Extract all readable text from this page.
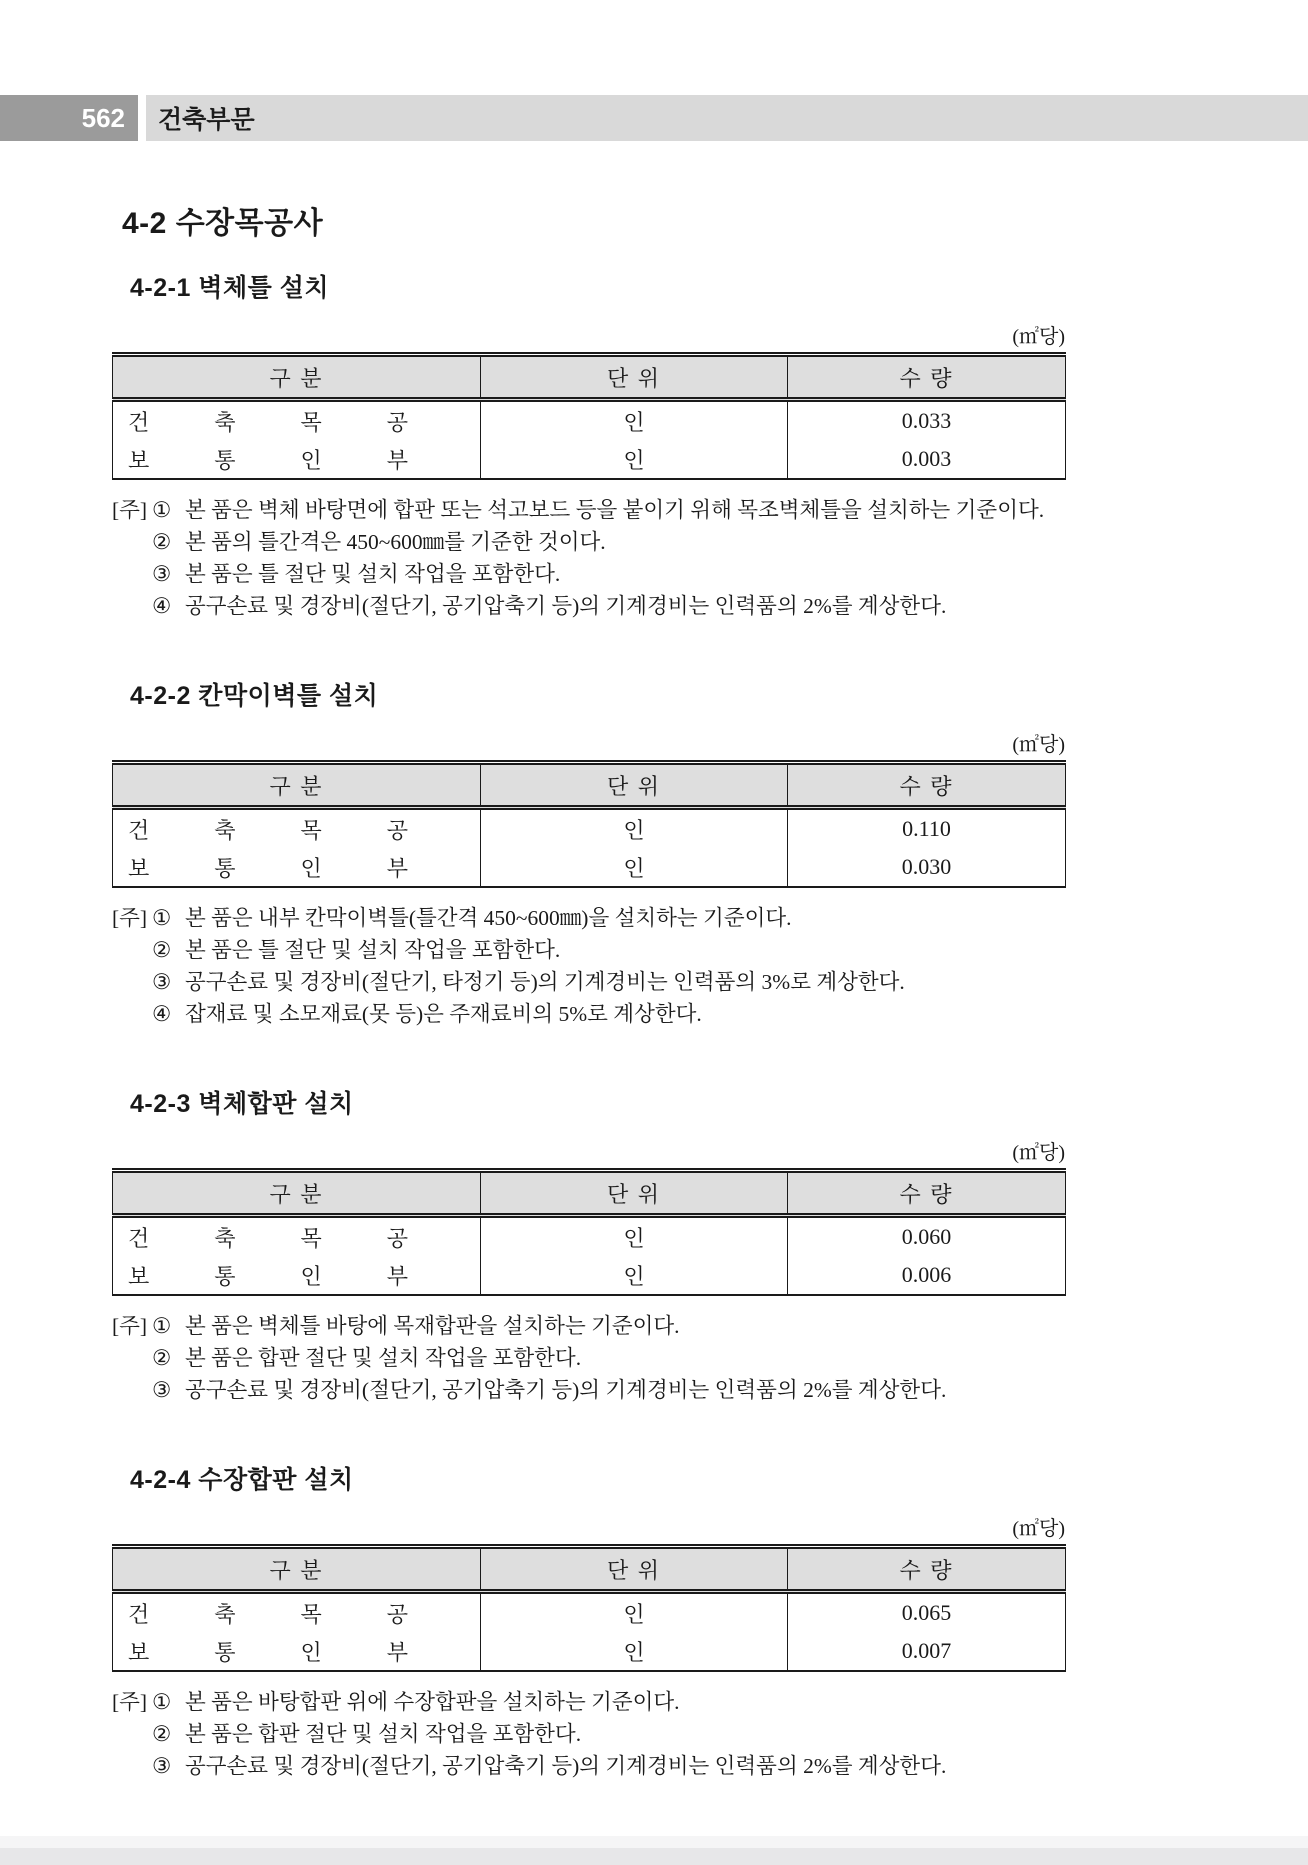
562	건축부문
4-2 수장목공사
4-2-1 벽체틀 설치
(㎡당)
구 분	단 위	수 량

건 축 목 공	인	0.033

보 통 인 부	인	0.003
[주] ① 본 품은 벽체 바탕면에 합판 또는 석고보드 등을 붙이기 위해 목조벽체틀을 설치하는 기준이다.
② 본 품의 틀간격은 450~600㎜를 기준한 것이다.
③ 본 품은 틀 절단 및 설치 작업을 포함한다.
④ 공구손료 및 경장비(절단기, 공기압축기 등)의 기계경비는 인력품의 2%를 계상한다.
4-2-2 칸막이벽틀 설치
(㎡당)
구 분	단 위	수 량

건 축 목 공	인	0.110

보 통 인 부	인	0.030
[주] ① 본 품은 내부 칸막이벽틀(틀간격 450~600㎜)을 설치하는 기준이다.
② 본 품은 틀 절단 및 설치 작업을 포함한다.
③ 공구손료 및 경장비(절단기, 타정기 등)의 기계경비는 인력품의 3%로 계상한다.
④ 잡재료 및 소모재료(못 등)은 주재료비의 5%로 계상한다.
4-2-3 벽체합판 설치
(㎡당)
구 분	단 위	수 량

건 축 목 공	인	0.060

보 통 인 부	인	0.006
[주] ① 본 품은 벽체틀 바탕에 목재합판을 설치하는 기준이다.
② 본 품은 합판 절단 및 설치 작업을 포함한다.
③ 공구손료 및 경장비(절단기, 공기압축기 등)의 기계경비는 인력품의 2%를 계상한다.
4-2-4 수장합판 설치
(㎡당)
구 분	단 위	수 량

건 축 목 공	인	0.065

보 통 인 부	인	0.007
[주] ① 본 품은 바탕합판 위에 수장합판을 설치하는 기준이다.
② 본 품은 합판 절단 및 설치 작업을 포함한다.
③ 공구손료 및 경장비(절단기, 공기압축기 등)의 기계경비는 인력품의 2%를 계상한다.
